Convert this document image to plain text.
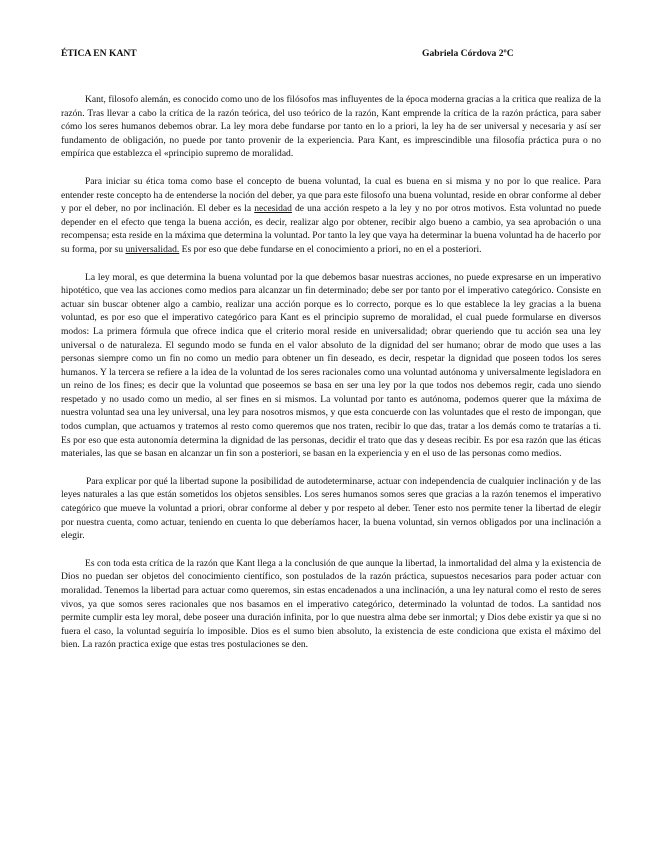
ÉTICA EN KANT	Gabriela Córdova 2ºC

Kant, filosofo alemán, es conocido como uno de los filósofos mas influyentes de la época moderna gracias a la critica que realiza de la razón. Tras llevar a cabo la crítica de la razón teórica, del uso teórico de la razón, Kant emprende la crítica de la razón práctica, para saber cómo los seres humanos debemos obrar. La ley mora debe fundarse por tanto en lo a priori, la ley ha de ser universal y necesaria y así ser fundamento de obligación, no puede por tanto provenir de la experiencia. Para Kant, es imprescindible una filosofía práctica pura o no empírica que establezca el «principio supremo de moralidad.

Para iniciar su ética toma como base el concepto de buena voluntad, la cual es buena en si misma y no por lo que realice. Para entender reste concepto ha de entenderse la noción del deber, ya que para este filosofo una buena voluntad, reside en obrar conforme al deber y por el deber, no por inclinación. El deber es la necesidad de una acción respeto a la ley y no por otros motivos. Esta voluntad no puede depender en el efecto que tenga la buena acción, es decir, realizar algo por obtener, recibir algo bueno a cambio, ya sea aprobación o una recompensa; esta reside en la máxima que determina la voluntad. Por tanto la ley que vaya ha determinar la buena voluntad ha de hacerlo por su forma, por su universalidad. Es por eso que debe fundarse en el conocimiento a priori, no en el a posteriori.

La ley moral, es que determina la buena voluntad por la que debemos basar nuestras acciones, no puede expresarse en un imperativo hipotético, que vea las acciones como medios para alcanzar un fin determinado; debe ser por tanto por el imperativo categórico. Consiste en actuar sin buscar obtener algo a cambio, realizar una acción porque es lo correcto, porque es lo que establece la ley gracias a la buena voluntad, es por eso que el imperativo categórico para Kant es el principio supremo de moralidad, el cual puede formularse en diversos modos: La primera fórmula que ofrece indica que el criterio moral reside en universalidad; obrar queriendo que tu acción sea una ley universal o de naturaleza. El segundo modo se funda en el valor absoluto de la dignidad del ser humano; obrar de modo que uses a las personas siempre como un fin no como un medio para obtener un fin deseado, es decir, respetar la dignidad que poseen todos los seres humanos. Y la tercera se refiere a la idea de la voluntad de los seres racionales como una voluntad autónoma y universalmente legisladora en un reino de los fines; es decir que la voluntad que poseemos se basa en ser una ley por la que todos nos debemos regir, cada uno siendo respetado y no usado como un medio, al ser fines en si mismos. La voluntad por tanto es autónoma, podemos querer que la máxima de nuestra voluntad sea una ley universal, una ley para nosotros mismos, y que esta concuerde con las voluntades que el resto de impongan, que todos cumplan, que actuamos y tratemos al resto como queremos que nos traten, recibir lo que das, tratar a los demás como te tratarías a ti. Es por eso que esta autonomía determina la dignidad de las personas, decidir el trato que das y deseas recibir. Es por esa razón que las éticas materiales, las que se basan en alcanzar un fin son a posteriori, se basan en la experiencia y en el uso de las personas como medios.

Para explicar por qué la libertad supone la posibilidad de autodeterminarse, actuar con independencia de cualquier inclinación y de las leyes naturales a las que están sometidos los objetos sensibles. Los seres humanos somos seres que gracias a la razón tenemos el imperativo categórico que mueve la voluntad a priori, obrar conforme al deber y por respeto al deber. Tener esto nos permite tener la libertad de elegir por nuestra cuenta, como actuar, teniendo en cuenta lo que deberíamos hacer, la buena voluntad, sin vernos obligados por una inclinación a elegir.

Es con toda esta crítica de la razón que Kant llega a la conclusión de que aunque la libertad, la inmortalidad del alma y la existencia de Dios no puedan ser objetos del conocimiento científico, son postulados de la razón práctica, supuestos necesarios para poder actuar con moralidad. Tenemos la libertad para actuar como queremos, sin estas encadenados a una inclinación, a una ley natural como el resto de seres vivos, ya que somos seres racionales que nos basamos en el imperativo categórico, determinado la voluntad de todos. La santidad nos permite cumplir esta ley moral, debe poseer una duración infinita, por lo que nuestra alma debe ser inmortal; y Dios debe existir ya que si no fuera el caso, la voluntad seguiría lo imposible. Dios es el sumo bien absoluto, la existencia de este condiciona que exista el máximo del bien. La razón practica exige que estas tres postulaciones se den.
